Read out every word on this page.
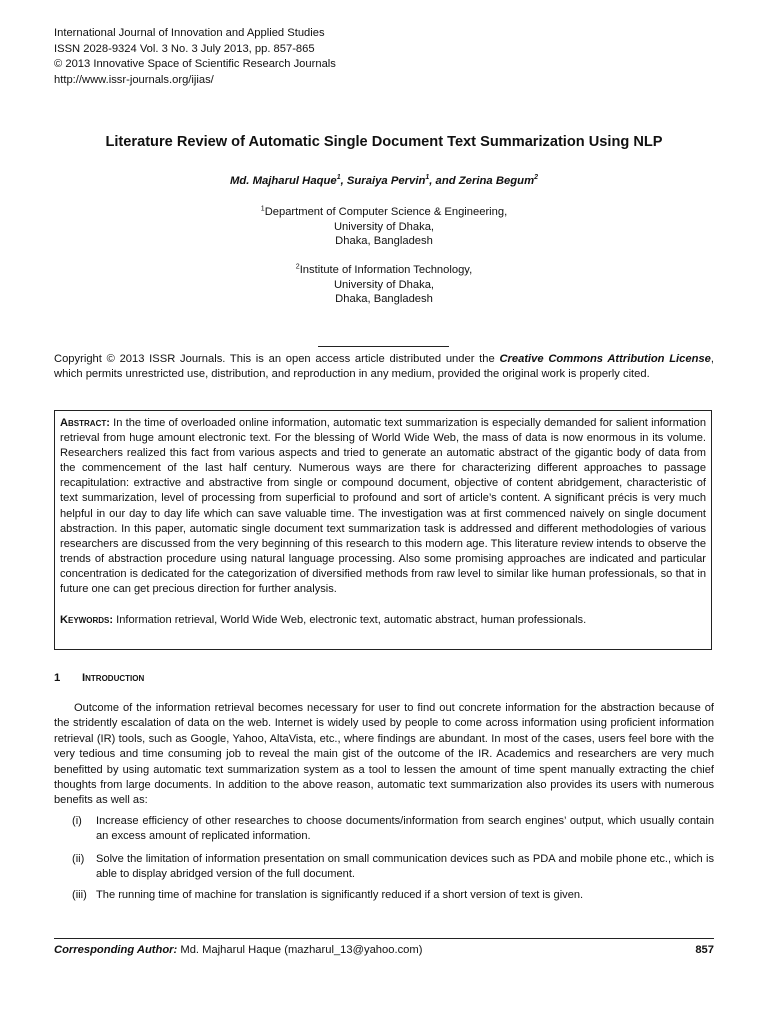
International Journal of Innovation and Applied Studies
ISSN 2028-9324 Vol. 3 No. 3 July 2013, pp. 857-865
© 2013 Innovative Space of Scientific Research Journals
http://www.issr-journals.org/ijias/
Literature Review of Automatic Single Document Text Summarization Using NLP
Md. Majharul Haque$^1$, Suraiya Pervin$^1$, and Zerina Begum$^2$
$^1$Department of Computer Science & Engineering,
University of Dhaka,
Dhaka, Bangladesh
$^2$Institute of Information Technology,
University of Dhaka,
Dhaka, Bangladesh
Copyright © 2013 ISSR Journals. This is an open access article distributed under the Creative Commons Attribution License, which permits unrestricted use, distribution, and reproduction in any medium, provided the original work is properly cited.
Abstract: In the time of overloaded online information, automatic text summarization is especially demanded for salient information retrieval from huge amount electronic text. For the blessing of World Wide Web, the mass of data is now enormous in its volume. Researchers realized this fact from various aspects and tried to generate an automatic abstract of the gigantic body of data from the commencement of the last half century. Numerous ways are there for characterizing different approaches to passage recapitulation: extractive and abstractive from single or compound document, objective of content abridgement, characteristic of text summarization, level of processing from superficial to profound and sort of article’s content. A significant précis is very much helpful in our day to day life which can save valuable time. The investigation was at first commenced naively on single document abstraction. In this paper, automatic single document text summarization task is addressed and different methodologies of various researchers are discussed from the very beginning of this research to this modern age. This literature review intends to observe the trends of abstraction procedure using natural language processing. Also some promising approaches are indicated and particular concentration is dedicated for the categorization of diversified methods from raw level to similar like human professionals, so that in future one can get precious direction for further analysis.
Keywords: Information retrieval, World Wide Web, electronic text, automatic abstract, human professionals.
1 Introduction
Outcome of the information retrieval becomes necessary for user to find out concrete information for the abstraction because of the stridently escalation of data on the web. Internet is widely used by people to come across information using proficient information retrieval (IR) tools, such as Google, Yahoo, AltaVista, etc., where findings are abundant. In most of the cases, users feel bore with the very tedious and time consuming job to reveal the main gist of the outcome of the IR. Academics and researchers are very much benefitted by using automatic text summarization system as a tool to lessen the amount of time spent manually extracting the chief thoughts from large documents. In addition to the above reason, automatic text summarization also provides its users with numerous benefits as well as:
(i) Increase efficiency of other researches to choose documents/information from search engines’ output, which usually contain an excess amount of replicated information.
(ii) Solve the limitation of information presentation on small communication devices such as PDA and mobile phone etc., which is able to display abridged version of the full document.
(iii) The running time of machine for translation is significantly reduced if a short version of text is given.
Corresponding Author: Md. Majharul Haque (mazharul_13@yahoo.com)	857
